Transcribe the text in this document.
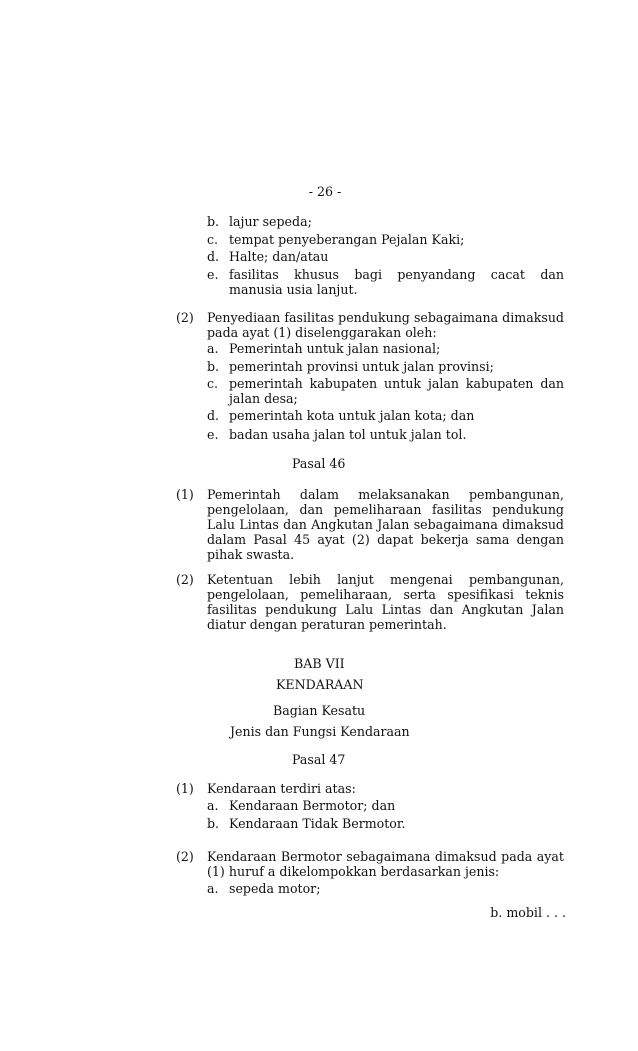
- 26 -
b. lajur sepeda;
c. tempat penyeberangan Pejalan Kaki;
d. Halte; dan/atau
e. fasilitas khusus bagi penyandang cacat dan manusia usia lanjut.
(2) Penyediaan fasilitas pendukung sebagaimana dimaksud pada ayat (1) diselenggarakan oleh:
a. Pemerintah untuk jalan nasional;
b. pemerintah provinsi untuk jalan provinsi;
c. pemerintah kabupaten untuk jalan kabupaten dan jalan desa;
d. pemerintah kota untuk jalan kota; dan
e. badan usaha jalan tol untuk jalan tol.
Pasal 46
(1) Pemerintah dalam melaksanakan pembangunan, pengelolaan, dan pemeliharaan fasilitas pendukung Lalu Lintas dan Angkutan Jalan sebagaimana dimaksud dalam Pasal 45 ayat (2) dapat bekerja sama dengan pihak swasta.
(2) Ketentuan lebih lanjut mengenai pembangunan, pengelolaan, pemeliharaan, serta spesifikasi teknis fasilitas pendukung Lalu Lintas dan Angkutan Jalan diatur dengan peraturan pemerintah.
BAB VII
KENDARAAN
Bagian Kesatu
Jenis dan Fungsi Kendaraan
Pasal 47
(1) Kendaraan terdiri atas:
a. Kendaraan Bermotor; dan
b. Kendaraan Tidak Bermotor.
(2) Kendaraan Bermotor sebagaimana dimaksud pada ayat (1) huruf a dikelompokkan berdasarkan jenis:
a. sepeda motor;
b. mobil . . .
